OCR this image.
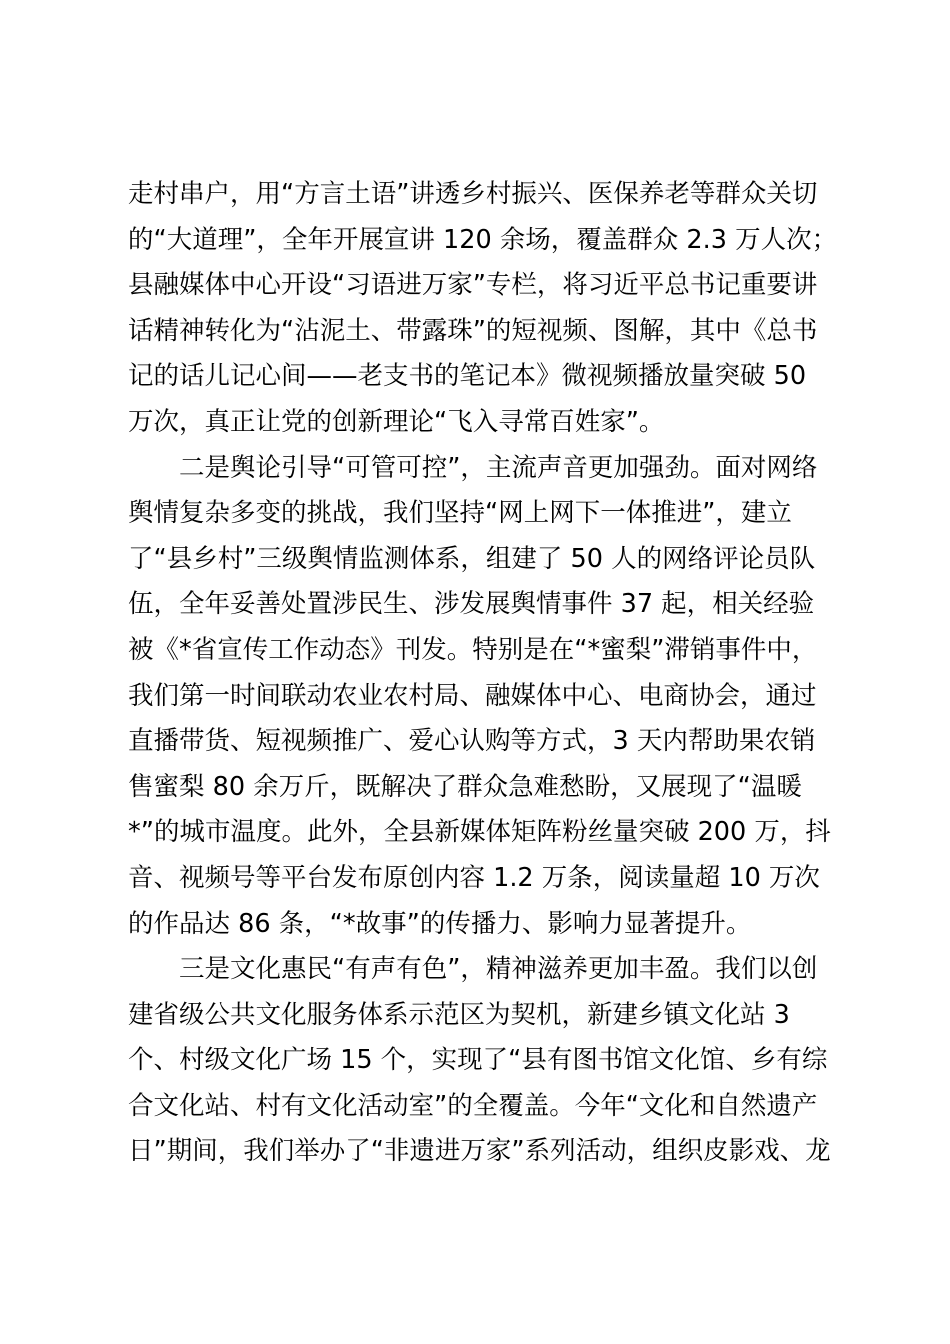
走村串户，用“方言土语”讲透乡村振兴、医保养老等群众关切
的“大道理”，全年开展宣讲 120 余场，覆盖群众 2.3 万人次；
县融媒体中心开设“习语进万家”专栏，将习近平总书记重要讲
话精神转化为“沾泥土、带露珠”的短视频、图解，其中《总书
记的话儿记心间——老支书的笔记本》微视频播放量突破 50
万次，真正让党的创新理论“飞入寻常百姓家”。
二是舆论引导“可管可控”，主流声音更加强劲。面对网络
舆情复杂多变的挑战，我们坚持“网上网下一体推进”，建立
了“县乡村”三级舆情监测体系，组建了 50 人的网络评论员队
伍，全年妥善处置涉民生、涉发展舆情事件 37 起，相关经验
被《*省宣传工作动态》刊发。特别是在“*蜜梨”滞销事件中，
我们第一时间联动农业农村局、融媒体中心、电商协会，通过
直播带货、短视频推广、爱心认购等方式，3 天内帮助果农销
售蜜梨 80 余万斤，既解决了群众急难愁盼，又展现了“温暖
*”的城市温度。此外，全县新媒体矩阵粉丝量突破 200 万，抖
音、视频号等平台发布原创内容 1.2 万条，阅读量超 10 万次
的作品达 86 条，“*故事”的传播力、影响力显著提升。
三是文化惠民“有声有色”，精神滋养更加丰盈。我们以创
建省级公共文化服务体系示范区为契机，新建乡镇文化站 3
个、村级文化广场 15 个，实现了“县有图书馆文化馆、乡有综
合文化站、村有文化活动室”的全覆盖。今年“文化和自然遗产
日”期间，我们举办了“非遗进万家”系列活动，组织皮影戏、龙
